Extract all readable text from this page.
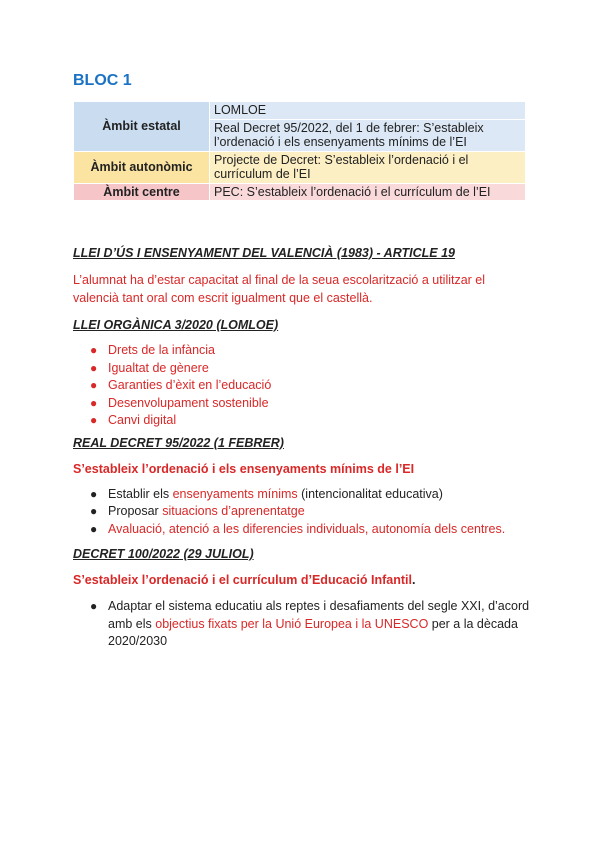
BLOC 1
Àmbit estatal	LOMLOE
	Real Decret 95/2022, del 1 de febrer: S’estableix l’ordenació i els ensenyaments mínims de l’EI
Àmbit autonòmic	Projecte de Decret: S’estableix l’ordenació i el currículum de l’EI
Àmbit centre	PEC: S’estableix l’ordenació i el currículum de l’EI

LLEI D’ÚS I ENSENYAMENT DEL VALENCIÀ (1983) - ARTICLE 19

L’alumnat ha d’estar capacitat al final de la seua escolarització a utilitzar el valencià tant oral com escrit igualment que el castellà.

LLEI ORGÀNICA 3/2020 (LOMLOE)

● Drets de la infància
● Igualtat de gènere
● Garanties d’èxit en l’educació
● Desenvolupament sostenible
● Canvi digital

REAL DECRET 95/2022 (1 FEBRER)

S’estableix l’ordenació i els ensenyaments mínims de l’EI

● Establir els ensenyaments mínims (intencionalitat educativa)
● Proposar situacions d’aprenentatge
● Avaluació, atenció a les diferencies individuals, autonomía dels centres.

DECRET 100/2022 (29 JULIOL)

S’estableix l’ordenació i el currículum d’Educació Infantil.

● Adaptar el sistema educatiu als reptes i desafiaments del segle XXI, d’acord amb els objectius fixats per la Unió Europea i la UNESCO per a la dècada 2020/2030
